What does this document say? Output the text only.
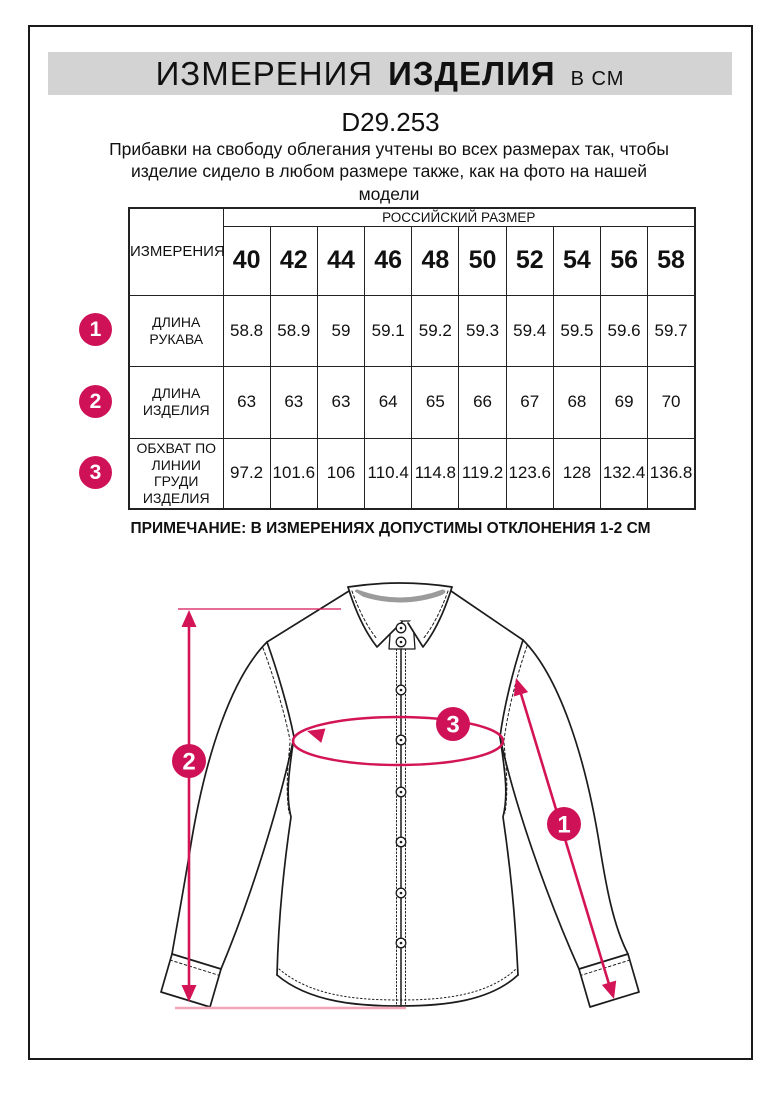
ИЗМЕРЕНИЯ ИЗДЕЛИЯ В СМ
D29.253
Прибавки на свободу облегания учтены во всех размерах так, чтобы изделие сидело в любом размере также, как на фото на нашей модели
ИЗМЕРЕНИЯ	РОССИЙСКИЙ РАЗМЕР									
	40	42	44	46	48	50	52	54	56	58
ДЛИНА РУКАВА	58.8	58.9	59	59.1	59.2	59.3	59.4	59.5	59.6	59.7
ДЛИНА ИЗДЕЛИЯ	63	63	63	64	65	66	67	68	69	70
ОБХВАТ ПО ЛИНИИ ГРУДИ ИЗДЕЛИЯ	97.2	101.6	106	110.4	114.8	119.2	123.6	128	132.4	136.8
1
2
3
ПРИМЕЧАНИЕ: В ИЗМЕРЕНИЯХ ДОПУСТИМЫ ОТКЛОНЕНИЯ 1-2 СМ
2
3
1
